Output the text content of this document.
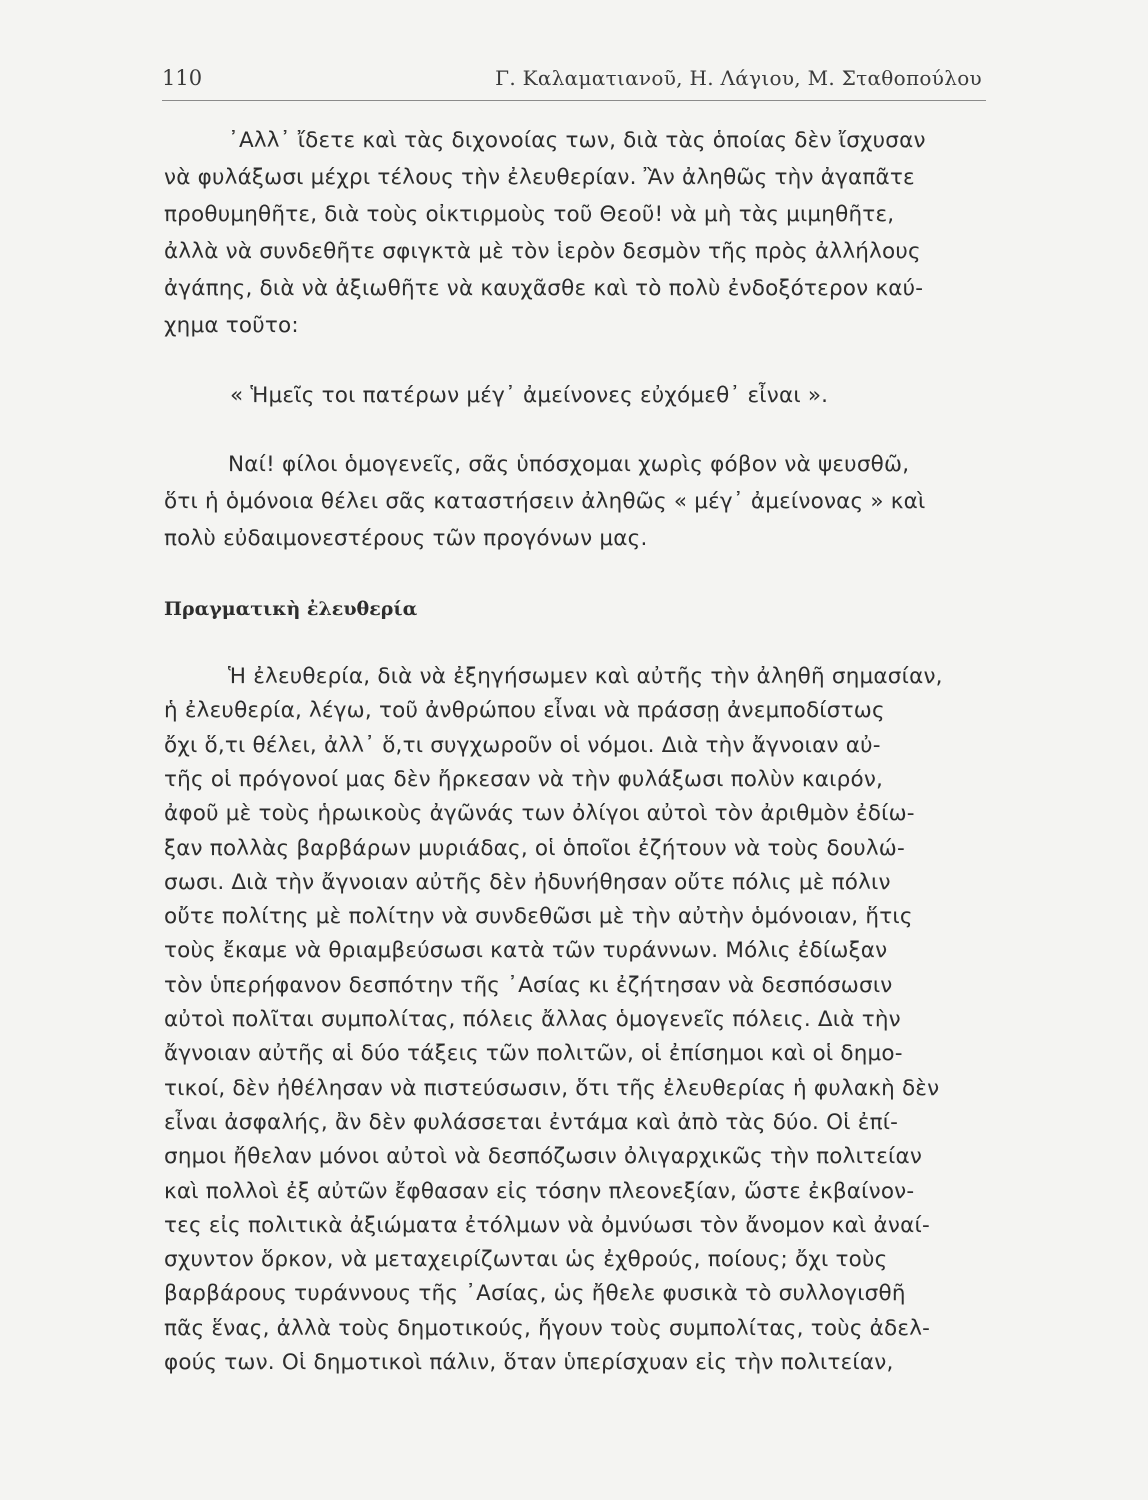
110	Γ. Καλαματιανοῦ, Η. Λάγιου, Μ. Σταθοπούλου
᾽Αλλ᾽ ἴδετε καὶ τὰς διχονοίας των, διὰ τὰς ὁποίας δὲν ἴσχυσαν
νὰ φυλάξωσι μέχρι τέλους τὴν ἐλευθερίαν. Ἂν ἀληθῶς τὴν ἀγαπᾶτε
προθυμηθῆτε, διὰ τοὺς οἰκτιρμοὺς τοῦ Θεοῦ! νὰ μὴ τὰς μιμηθῆτε,
ἀλλὰ νὰ συνδεθῆτε σφιγκτὰ μὲ τὸν ἱερὸν δεσμὸν τῆς πρὸς ἀλλήλους
ἀγάπης, διὰ νὰ ἀξιωθῆτε νὰ καυχᾶσθε καὶ τὸ πολὺ ἐνδοξότερον καύ-
χημα τοῦτο:
« Ἡμεῖς τοι πατέρων μέγ᾽ ἀμείνονες εὐχόμεθ᾽ εἶναι ».
Ναί! φίλοι ὁμογενεῖς, σᾶς ὑπόσχομαι χωρὶς φόβον νὰ ψευσθῶ,
ὅτι ἡ ὁμόνοια θέλει σᾶς καταστήσειν ἀληθῶς « μέγ᾽ ἀμείνονας » καὶ
πολὺ εὐδαιμονεστέρους τῶν προγόνων μας.
Πραγματικὴ ἐλευθερία
Ἡ ἐλευθερία, διὰ νὰ ἐξηγήσωμεν καὶ αὐτῆς τὴν ἀληθῆ σημασίαν,
ἡ ἐλευθερία, λέγω, τοῦ ἀνθρώπου εἶναι νὰ πράσσῃ ἀνεμποδίστως
ὄχι ὅ,τι θέλει, ἀλλ᾽ ὅ,τι συγχωροῦν οἱ νόμοι. Διὰ τὴν ἄγνοιαν αὐ-
τῆς οἱ πρόγονοί μας δὲν ἤρκεσαν νὰ τὴν φυλάξωσι πολὺν καιρόν,
ἀφοῦ μὲ τοὺς ἡρωικοὺς ἀγῶνάς των ὀλίγοι αὐτοὶ τὸν ἀριθμὸν ἐδίω-
ξαν πολλὰς βαρβάρων μυριάδας, οἱ ὁποῖοι ἐζήτουν νὰ τοὺς δουλώ-
σωσι. Διὰ τὴν ἄγνοιαν αὐτῆς δὲν ἠδυνήθησαν οὔτε πόλις μὲ πόλιν
οὔτε πολίτης μὲ πολίτην νὰ συνδεθῶσι μὲ τὴν αὐτὴν ὁμόνοιαν, ἥτις
τοὺς ἔκαμε νὰ θριαμβεύσωσι κατὰ τῶν τυράννων. Μόλις ἐδίωξαν
τὸν ὑπερήφανον δεσπότην τῆς ᾽Ασίας κι ἐζήτησαν νὰ δεσπόσωσιν
αὐτοὶ πολῖται συμπολίτας, πόλεις ἄλλας ὁμογενεῖς πόλεις. Διὰ τὴν
ἄγνοιαν αὐτῆς αἱ δύο τάξεις τῶν πολιτῶν, οἱ ἐπίσημοι καὶ οἱ δημο-
τικοί, δὲν ἠθέλησαν νὰ πιστεύσωσιν, ὅτι τῆς ἐλευθερίας ἡ φυλακὴ δὲν
εἶναι ἀσφαλής, ἂν δὲν φυλάσσεται ἐντάμα καὶ ἀπὸ τὰς δύο. Οἱ ἐπί-
σημοι ἤθελαν μόνοι αὐτοὶ νὰ δεσπόζωσιν ὀλιγαρχικῶς τὴν πολιτείαν
καὶ πολλοὶ ἐξ αὐτῶν ἔφθασαν εἰς τόσην πλεονεξίαν, ὥστε ἐκβαίνον-
τες εἰς πολιτικὰ ἀξιώματα ἐτόλμων νὰ ὀμνύωσι τὸν ἄνομον καὶ ἀναί-
σχυντον ὅρκον, νὰ μεταχειρίζωνται ὡς ἐχθρούς, ποίους; ὄχι τοὺς
βαρβάρους τυράννους τῆς ᾽Ασίας, ὡς ἤθελε φυσικὰ τὸ συλλογισθῆ
πᾶς ἕνας, ἀλλὰ τοὺς δημοτικούς, ἤγουν τοὺς συμπολίτας, τοὺς ἀδελ-
φούς των. Οἱ δημοτικοὶ πάλιν, ὅταν ὑπερίσχυαν εἰς τὴν πολιτείαν,
